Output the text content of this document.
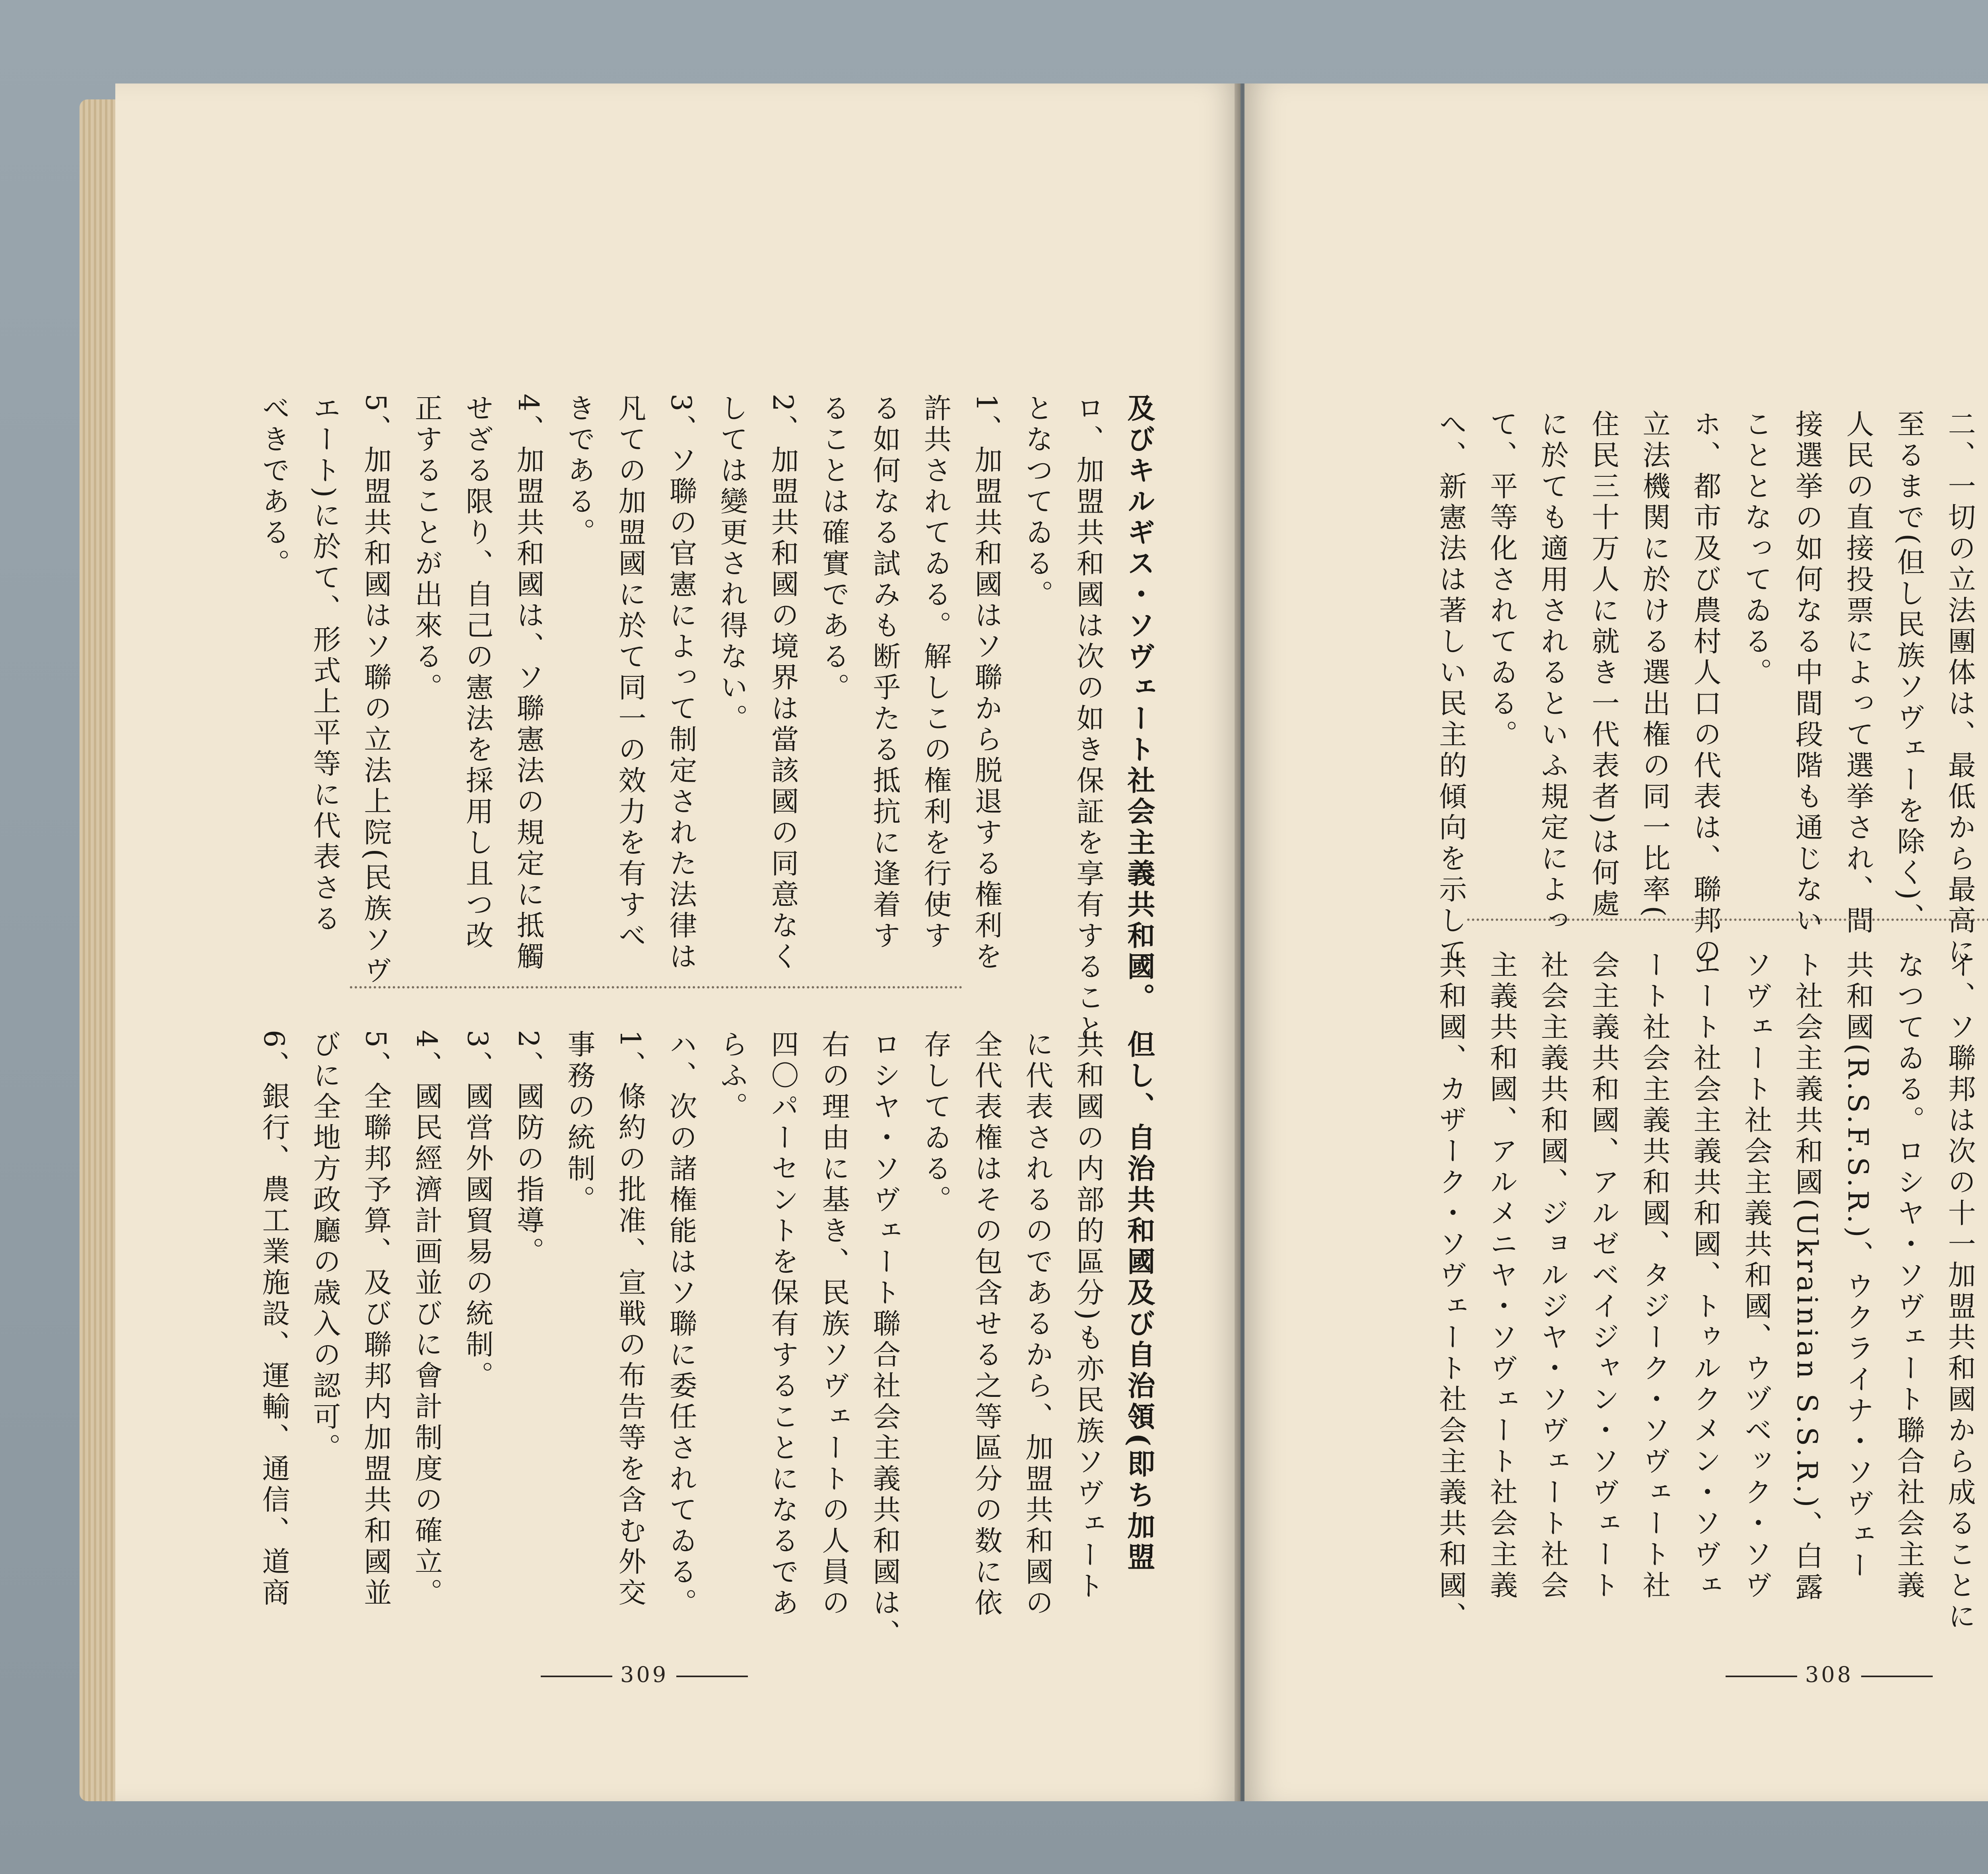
及びキルギス・ソヴェート社会主義共和國。
ロ、加盟共和國は次の如き保証を享有すること
となつてゐる。
1、加盟共和國はソ聯から脱退する権利を
許共されてゐる。解しこの権利を行使す
る如何なる試みも断乎たる抵抗に逢着す
ることは確實である。
2、加盟共和國の境界は當該國の同意なく
しては變更され得ない。
3、ソ聯の官憲によって制定された法律は
凡ての加盟國に於て同一の效力を有すべ
きである。
4、加盟共和國は、ソ聯憲法の規定に抵觸
せざる限り、自己の憲法を採用し且つ改
正することが出來る。
5、加盟共和國はソ聯の立法上院(民族ソヴ
エート)に於て、形式上平等に代表さる
べきである。
但し、自治共和國及び自治領(即ち加盟
共和國の内部的區分)も亦民族ソヴェート
に代表されるのであるから、加盟共和國の
全代表権はその包含せる之等區分の数に依
存してゐる。
ロシヤ・ソヴェート聯合社会主義共和國は、
右の理由に基き、民族ソヴェートの人員の
四〇パーセントを保有することになるであ
らふ。
ハ、次の諸権能はソ聯に委任されてゐる。
1、條約の批准、宣戦の布告等を含む外交
事務の統制。
2、國防の指導。
3、國営外國貿易の統制。
4、國民經濟計画並びに會計制度の確立。
5、全聯邦予算、及び聯邦内加盟共和國並
びに全地方政廳の歳入の認可。
6、銀行、農工業施設、運輸、通信、道商
309
二、一切の立法團体は、最低から最高に
至るまで(但し民族ソヴェーを除く)、
人民の直接投票によって選挙され、間
接選挙の如何なる中間段階も通じない
こととなってゐる。
ホ、都市及び農村人口の代表は、聯邦の
立法機関に於ける選出権の同一比率(
住民三十万人に就き一代表者)は何處
に於ても適用されるといふ規定によっ
て、平等化されてゐる。
へ、新憲法は著しい民主的傾向を示して
イ、ソ聯邦は次の十一加盟共和國から成ることに
なつてゐる。ロシヤ・ソヴェート聯合社会主義
共和國(R.S.F.S.R.)、ウクライナ・ソヴェー
ト社会主義共和國(Ukrainian S.S.R.)、白露
ソヴェート社会主義共和國、ウヅベック・ソヴ
エート社会主義共和國、トゥルクメン・ソヴェ
ート社会主義共和國、タジーク・ソヴェート社
会主義共和國、アルゼベイジャン・ソヴェート
社会主義共和國、ジョルジヤ・ソヴェート社会
主義共和國、アルメニヤ・ソヴェート社会主義
共和國、カザーク・ソヴェート社会主義共和國、
308
